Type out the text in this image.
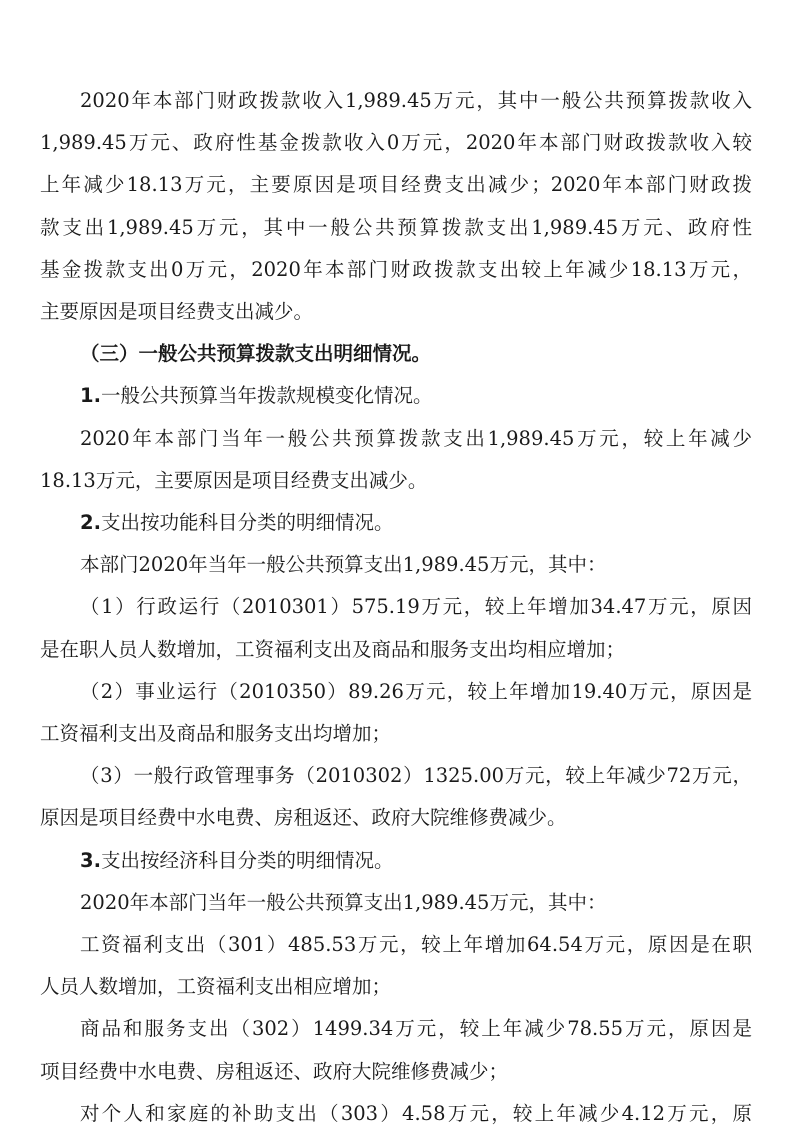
2020年本部门财政拨款收入1,989.45万元，其中一般公共预算拨款收入
1,989.45万元、政府性基金拨款收入0万元，2020年本部门财政拨款收入较
上年减少18.13万元，主要原因是项目经费支出减少；2020年本部门财政拨
款支出1,989.45万元，其中一般公共预算拨款支出1,989.45万元、政府性
基金拨款支出0万元，2020年本部门财政拨款支出较上年减少18.13万元，
主要原因是项目经费支出减少。
（三）一般公共预算拨款支出明细情况。
1.一般公共预算当年拨款规模变化情况。
2020年本部门当年一般公共预算拨款支出1,989.45万元，较上年减少
18.13万元，主要原因是项目经费支出减少。
2.支出按功能科目分类的明细情况。
本部门2020年当年一般公共预算支出1,989.45万元，其中：
（1）行政运行（2010301）575.19万元，较上年增加34.47万元，原因
是在职人员人数增加，工资福利支出及商品和服务支出均相应增加；
（2）事业运行（2010350）89.26万元，较上年增加19.40万元，原因是
工资福利支出及商品和服务支出均增加；
（3）一般行政管理事务（2010302）1325.00万元，较上年减少72万元，
原因是项目经费中水电费、房租返还、政府大院维修费减少。
3.支出按经济科目分类的明细情况。
2020年本部门当年一般公共预算支出1,989.45万元，其中：
工资福利支出（301）485.53万元，较上年增加64.54万元，原因是在职
人员人数增加，工资福利支出相应增加；
商品和服务支出（302）1499.34万元，较上年减少78.55万元，原因是
项目经费中水电费、房租返还、政府大院维修费减少；
对个人和家庭的补助支出（303）4.58万元，较上年减少4.12万元，原
